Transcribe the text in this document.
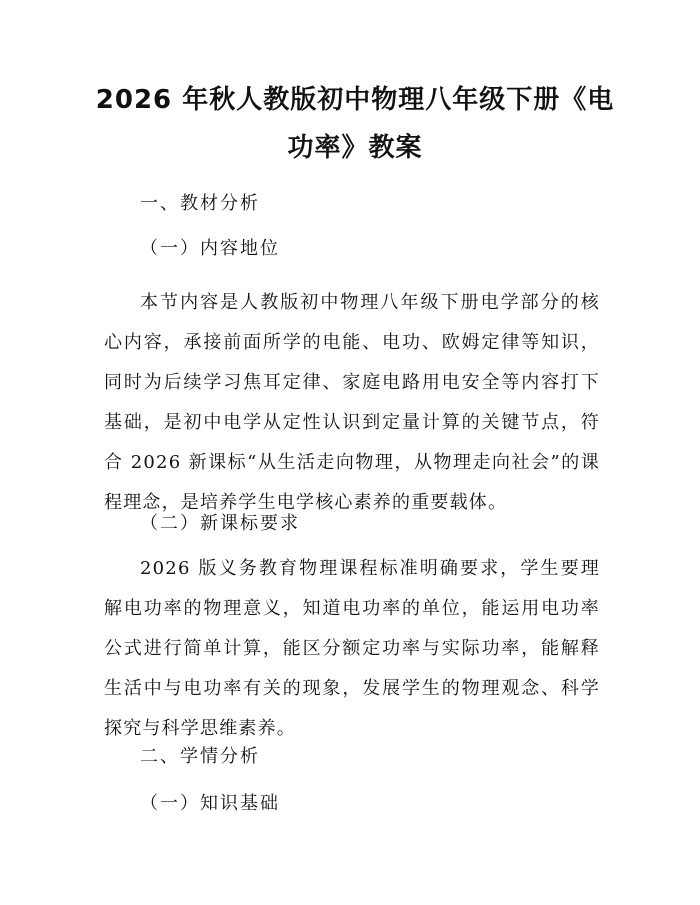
2026 年秋人教版初中物理八年级下册《电功率》教案

一、教材分析

（一）内容地位

本节内容是人教版初中物理八年级下册电学部分的核心内容，承接前面所学的电能、电功、欧姆定律等知识，同时为后续学习焦耳定律、家庭电路用电安全等内容打下基础，是初中电学从定性认识到定量计算的关键节点，符合 2026 新课标“从生活走向物理，从物理走向社会”的课程理念，是培养学生电学核心素养的重要载体。

（二）新课标要求

2026 版义务教育物理课程标准明确要求，学生要理解电功率的物理意义，知道电功率的单位，能运用电功率公式进行简单计算，能区分额定功率与实际功率，能解释生活中与电功率有关的现象，发展学生的物理观念、科学探究与科学思维素养。

二、学情分析

（一）知识基础
